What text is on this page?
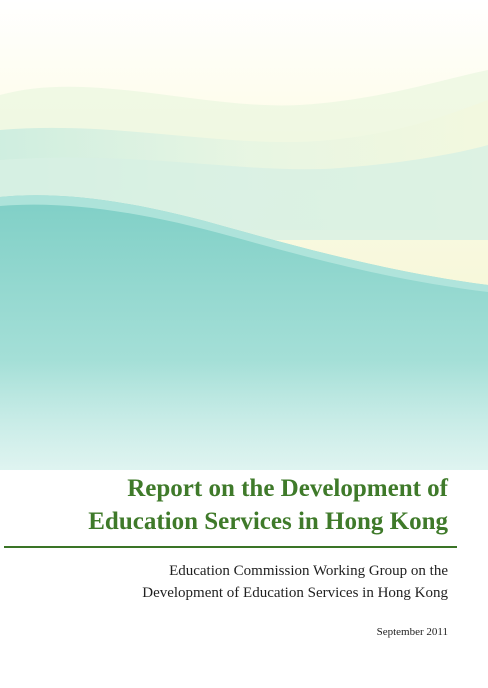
Report on the Development of
Education Services in Hong Kong
Education Commission Working Group on the
Development of Education Services in Hong Kong
September 2011
